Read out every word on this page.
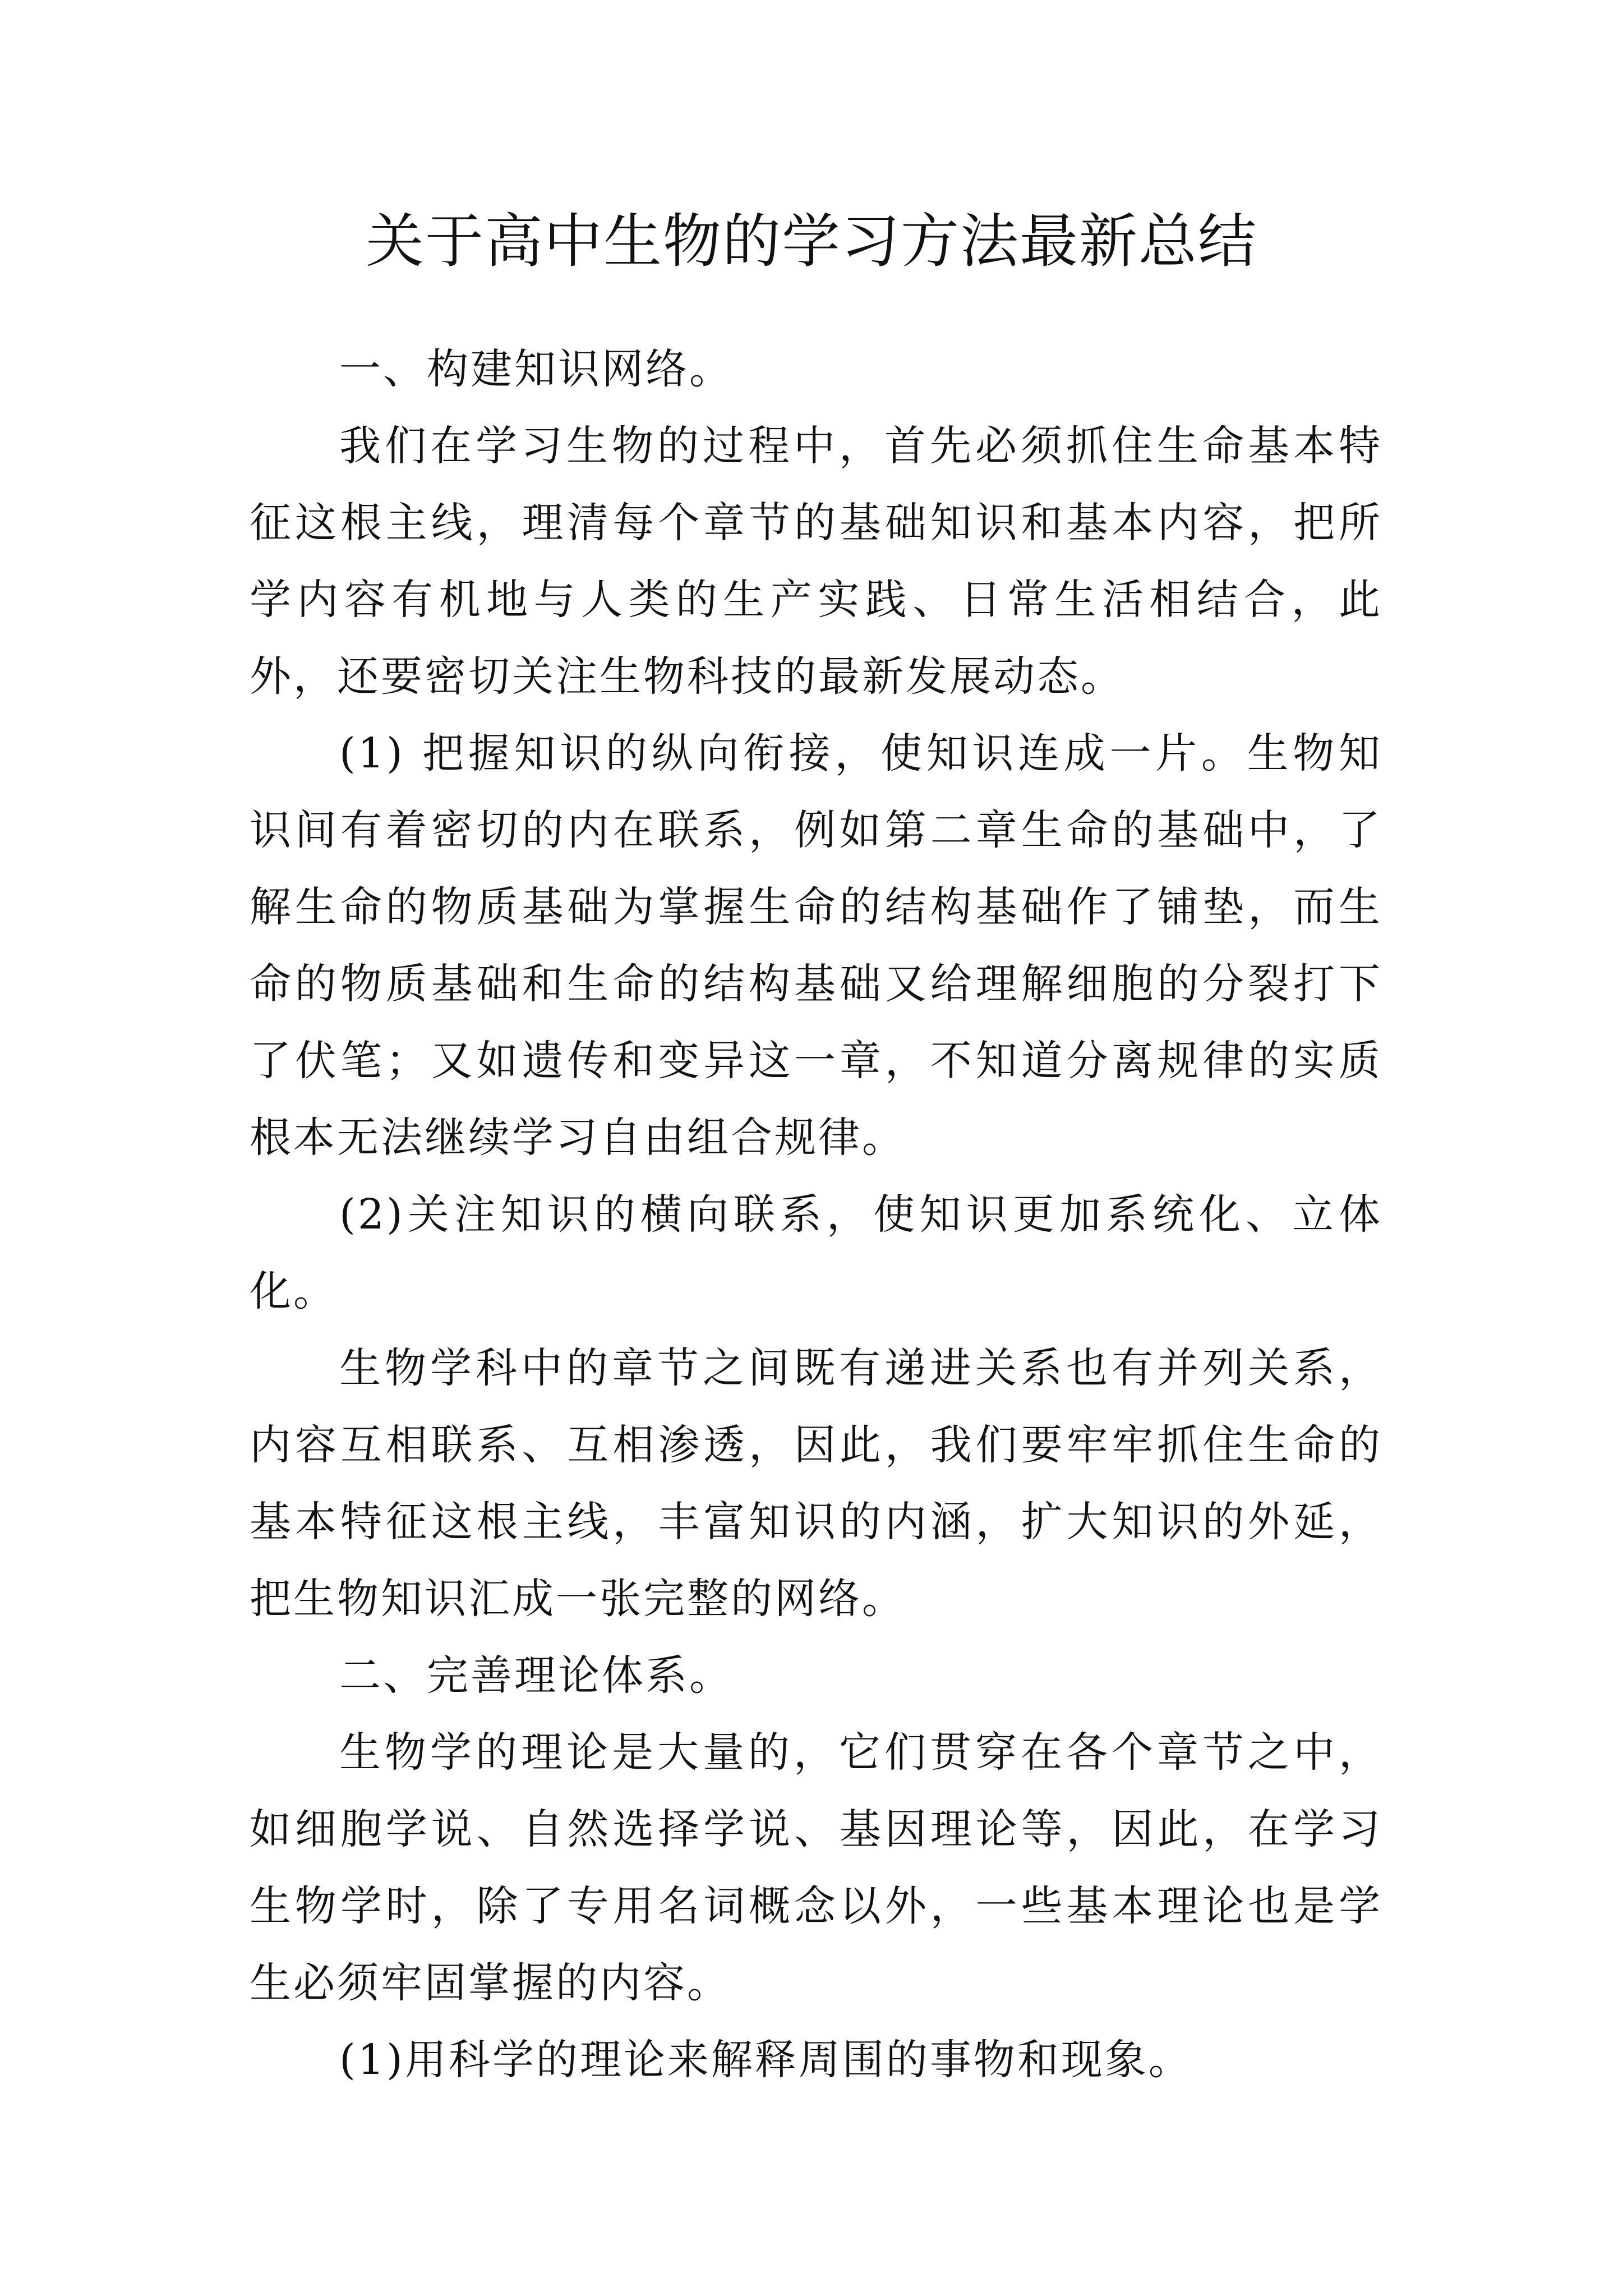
关于高中生物的学习方法最新总结

一、构建知识网络。

我们在学习生物的过程中，首先必须抓住生命基本特征这根主线，理清每个章节的基础知识和基本内容，把所学内容有机地与人类的生产实践、日常生活相结合，此外，还要密切关注生物科技的最新发展动态。

(1) 把握知识的纵向衔接，使知识连成一片。生物知识间有着密切的内在联系，例如第二章生命的基础中，了解生命的物质基础为掌握生命的结构基础作了铺垫，而生命的物质基础和生命的结构基础又给理解细胞的分裂打下了伏笔；又如遗传和变异这一章，不知道分离规律的实质根本无法继续学习自由组合规律。

(2)关注知识的横向联系，使知识更加系统化、立体化。

生物学科中的章节之间既有递进关系也有并列关系，内容互相联系、互相渗透，因此，我们要牢牢抓住生命的基本特征这根主线，丰富知识的内涵，扩大知识的外延，把生物知识汇成一张完整的网络。

二、完善理论体系。

生物学的理论是大量的，它们贯穿在各个章节之中，如细胞学说、自然选择学说、基因理论等，因此，在学习生物学时，除了专用名词概念以外，一些基本理论也是学生必须牢固掌握的内容。

(1)用科学的理论来解释周围的事物和现象。
